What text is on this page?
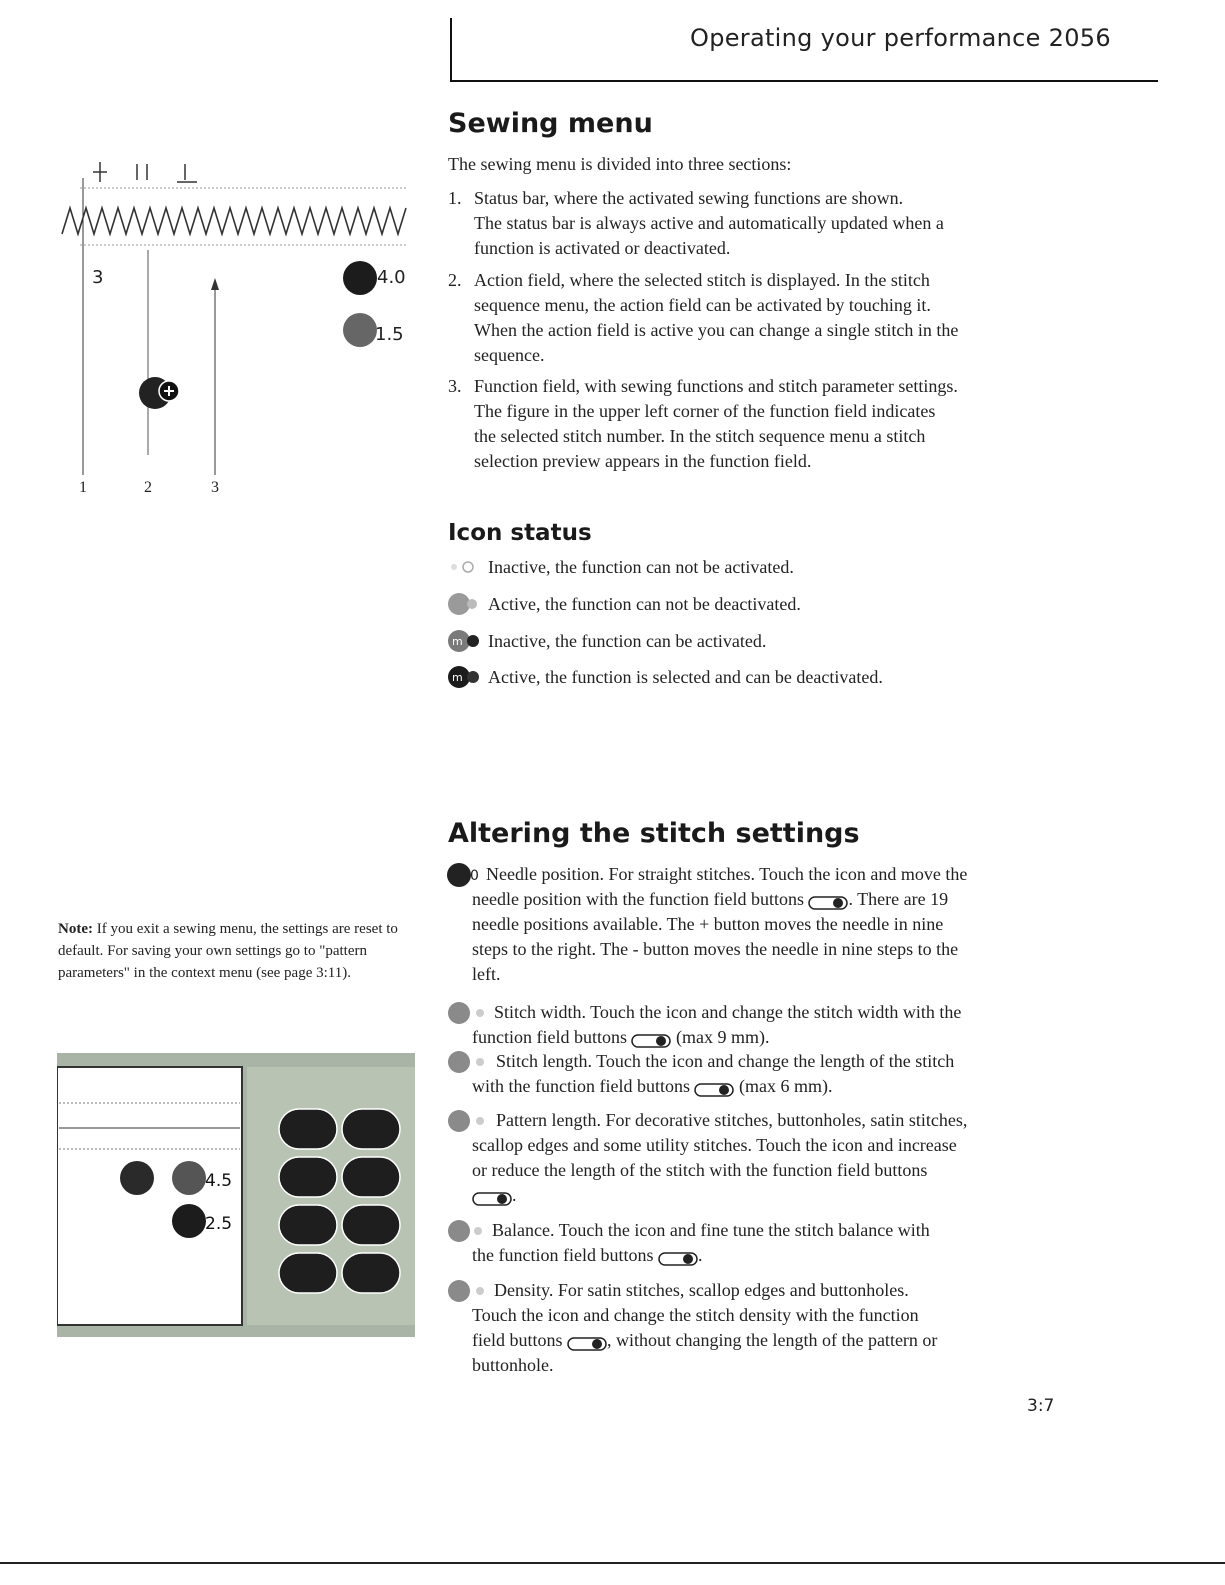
Operating your performance 2056
3	4.0
1.5
1	2	3
Sewing menu
The sewing menu is divided into three sections:
1. Status bar, where the activated sewing functions are shown.
The status bar is always active and automatically updated when a
function is activated or deactivated.
2. Action field, where the selected stitch is displayed. In the stitch
sequence menu, the action field can be activated by touching it.
When the action field is active you can change a single stitch in the
sequence.
3. Function field, with sewing functions and stitch parameter settings.
The figure in the upper left corner of the function field indicates
the selected stitch number. In the stitch sequence menu a stitch
selection preview appears in the function field.
Icon status
Inactive, the function can not be activated.
Active, the function can not be deactivated.
m Inactive, the function can be activated.
m Active, the function is selected and can be deactivated.
Altering the stitch settings
0 Needle position. For straight stitches. Touch the icon and move the
needle position with the function field buttons . There are 19
needle positions available. The + button moves the needle in nine
steps to the right. The - button moves the needle in nine steps to the
left.
Stitch width. Touch the icon and change the stitch width with the
function field buttons  (max 9 mm).
Stitch length. Touch the icon and change the length of the stitch
with the function field buttons  (max 6 mm).
Pattern length. For decorative stitches, buttonholes, satin stitches,
scallop edges and some utility stitches. Touch the icon and increase
or reduce the length of the stitch with the function field buttons
.
Balance. Touch the icon and fine tune the stitch balance with
the function field buttons .
Density. For satin stitches, scallop edges and buttonholes.
Touch the icon and change the stitch density with the function
field buttons , without changing the length of the pattern or
buttonhole.
Note: If you exit a sewing menu, the settings are reset to default. For saving your own settings go to "pattern parameters" in the context menu (see page 3:11).
4.5
2.5
3:7
